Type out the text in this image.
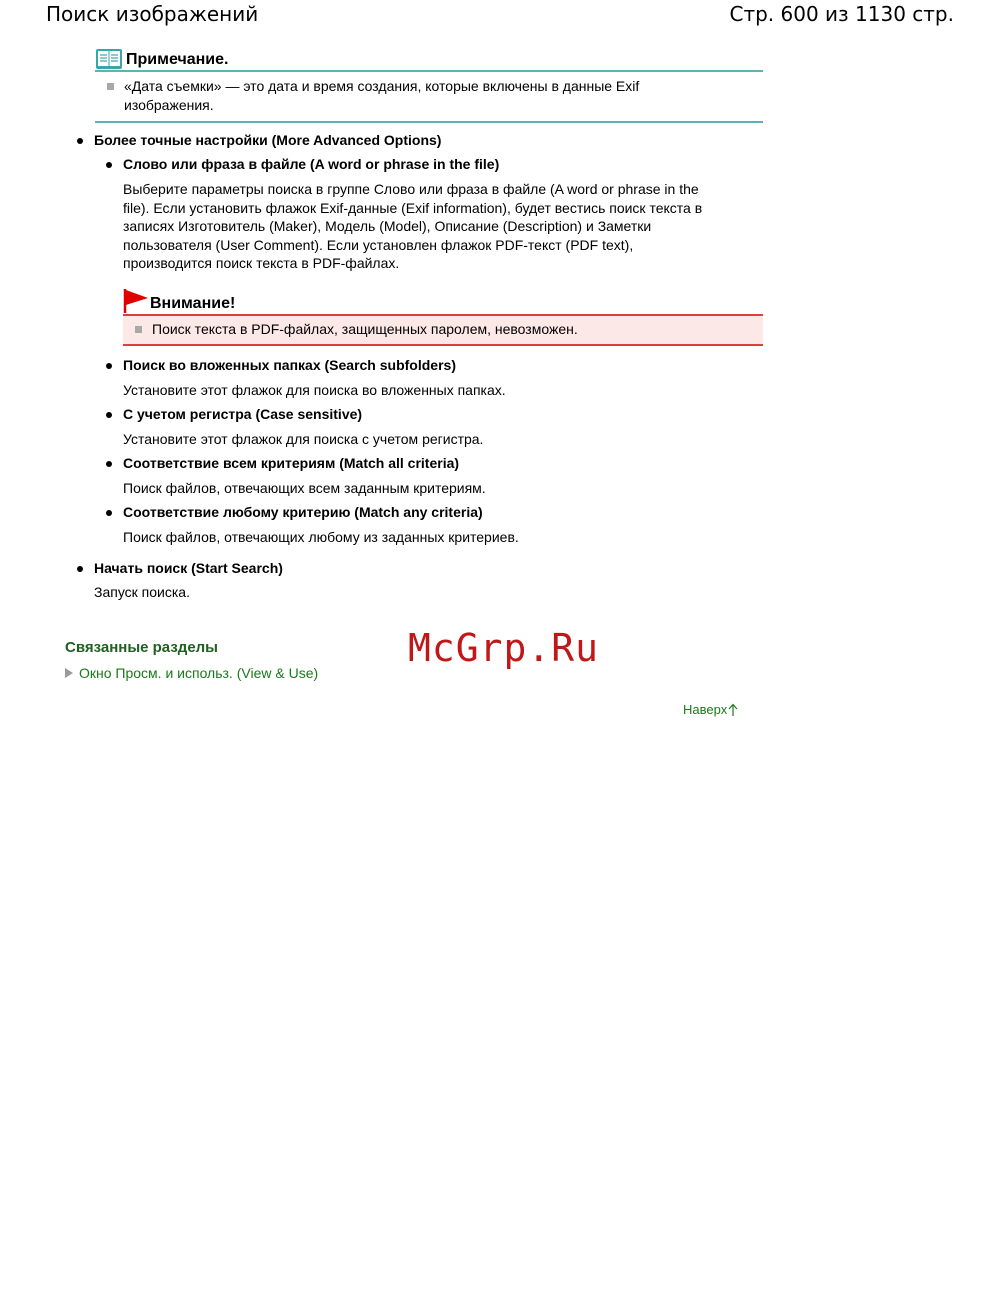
Поиск изображений	Стр. 600 из 1130 стр.
Примечание.
«Дата съемки» — это дата и время создания, которые включены в данные Exif
изображения.
Более точные настройки (More Advanced Options)
Слово или фраза в файле (A word or phrase in the file)
Выберите параметры поиска в группе Слово или фраза в файле (A word or phrase in the
file). Если установить флажок Exif-данные (Exif information), будет вестись поиск текста в
записях Изготовитель (Maker), Модель (Model), Описание (Description) и Заметки
пользователя (User Comment). Если установлен флажок PDF-текст (PDF text),
производится поиск текста в PDF-файлах.
Внимание!
Поиск текста в PDF-файлах, защищенных паролем, невозможен.
Поиск во вложенных папках (Search subfolders)
Установите этот флажок для поиска во вложенных папках.
С учетом регистра (Case sensitive)
Установите этот флажок для поиска с учетом регистра.
Соответствие всем критериям (Match all criteria)
Поиск файлов, отвечающих всем заданным критериям.
Соответствие любому критерию (Match any criteria)
Поиск файлов, отвечающих любому из заданных критериев.
Начать поиск (Start Search)
Запуск поиска.
Связанные разделы
Окно Просм. и использ. (View & Use)
McGrp.Ru
Наверх
